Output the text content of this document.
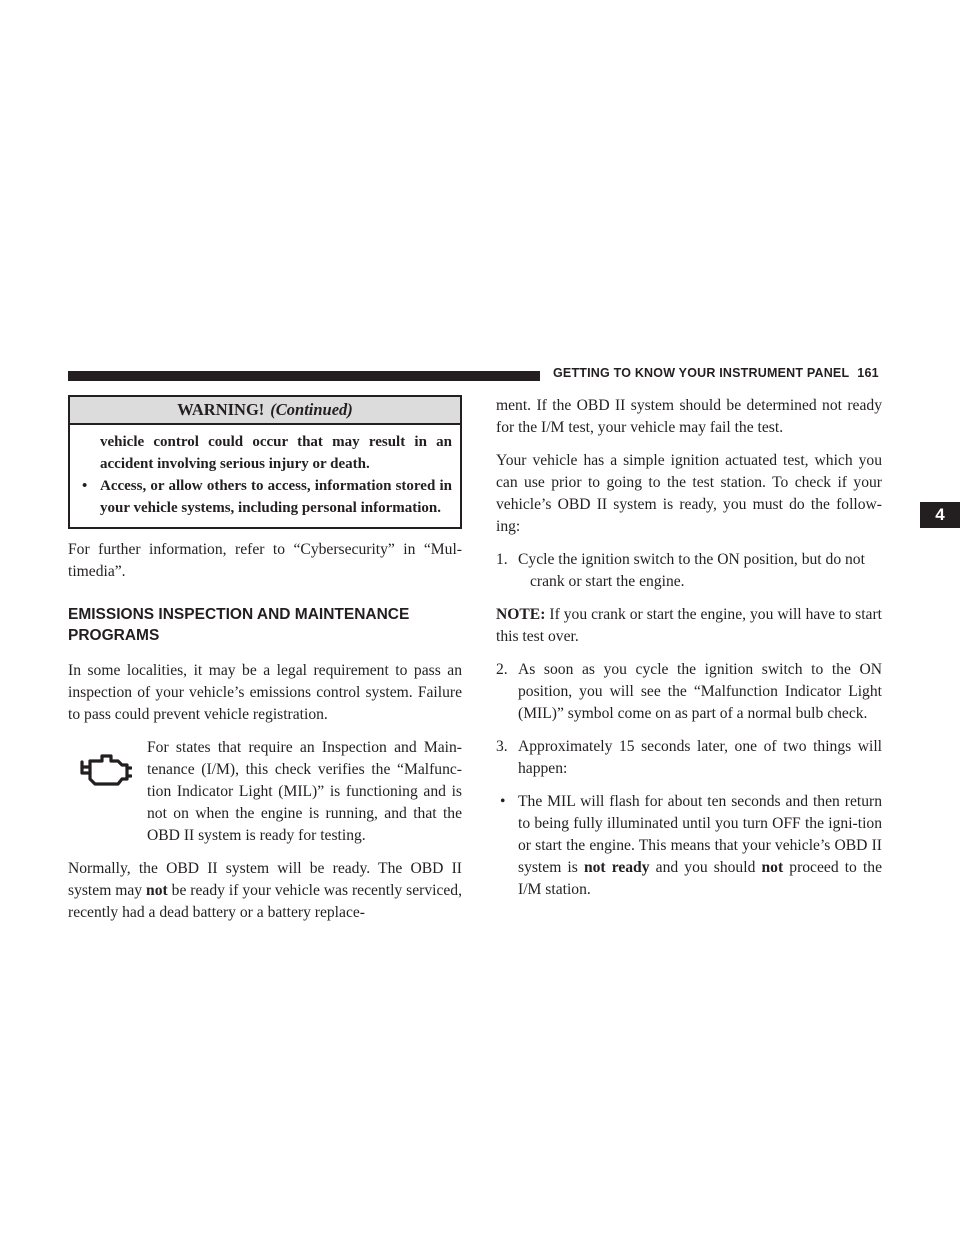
GETTING TO KNOW YOUR INSTRUMENT PANEL 161
4
WARNING! (Continued)

vehicle control could occur that may result in an accident involving serious injury or death.

• Access, or allow others to access, information stored in your vehicle systems, including personal information.

For further information, refer to “Cybersecurity” in “Mul-timedia”.

EMISSIONS INSPECTION AND MAINTENANCE PROGRAMS

In some localities, it may be a legal requirement to pass an inspection of your vehicle’s emissions control system. Failure to pass could prevent vehicle registration.

For states that require an Inspection and Main-tenance (I/M), this check verifies the “Malfunc-tion Indicator Light (MIL)” is functioning and is not on when the engine is running, and that the OBD II system is ready for testing.

Normally, the OBD II system will be ready. The OBD II system may not be ready if your vehicle was recently serviced, recently had a dead battery or a battery replace-

ment. If the OBD II system should be determined not ready for the I/M test, your vehicle may fail the test.

Your vehicle has a simple ignition actuated test, which you can use prior to going to the test station. To check if your vehicle’s OBD II system is ready, you must do the follow-ing:

1. Cycle the ignition switch to the ON position, but do not
crank or start the engine.

NOTE: If you crank or start the engine, you will have to start this test over.

2. As soon as you cycle the ignition switch to the ON position, you will see the “Malfunction Indicator Light (MIL)” symbol come on as part of a normal bulb check.

3. Approximately 15 seconds later, one of two things will happen:

• The MIL will flash for about ten seconds and then return to being fully illuminated until you turn OFF the igni-tion or start the engine. This means that your vehicle’s OBD II system is not ready and you should not proceed to the I/M station.
